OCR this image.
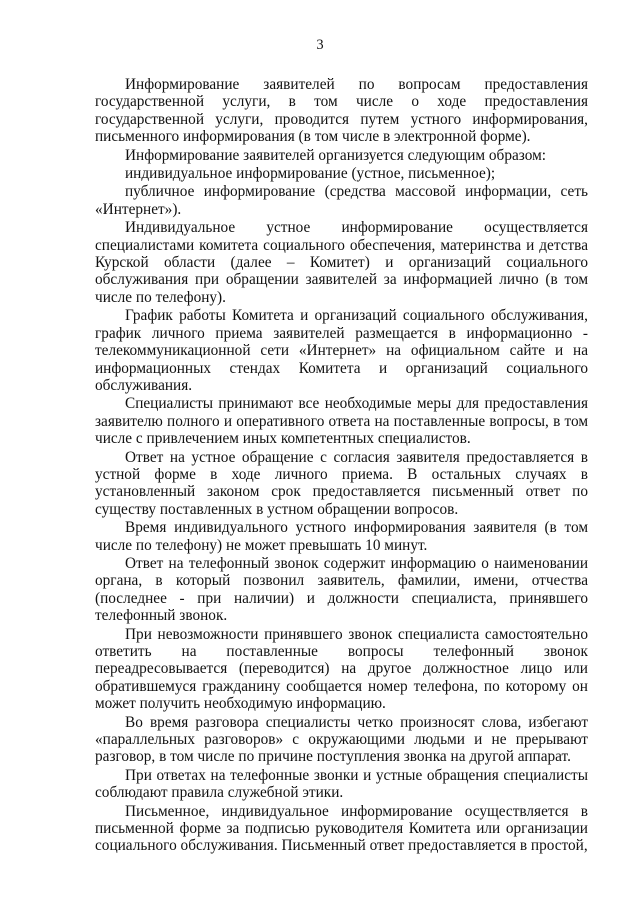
3

Информирование заявителей по вопросам предоставления государственной услуги, в том числе о ходе предоставления государственной услуги, проводится путем устного информирования, письменного информирования (в том числе в электронной форме).

Информирование заявителей организуется следующим образом:

индивидуальное информирование (устное, письменное);

публичное информирование (средства массовой информации, сеть «Интернет»).

Индивидуальное устное информирование осуществляется специалистами комитета социального обеспечения, материнства и детства Курской области (далее – Комитет) и организаций социального обслуживания при обращении заявителей за информацией лично (в том числе по телефону).

График работы Комитета и организаций социального обслуживания, график личного приема заявителей размещается в информационно - телекоммуникационной сети «Интернет» на официальном сайте и на информационных стендах Комитета и организаций социального обслуживания.

Специалисты принимают все необходимые меры для предоставления заявителю полного и оперативного ответа на поставленные вопросы, в том числе с привлечением иных компетентных специалистов.

Ответ на устное обращение с согласия заявителя предоставляется в устной форме в ходе личного приема. В остальных случаях в установленный законом срок предоставляется письменный ответ по существу поставленных в устном обращении вопросов.

Время индивидуального устного информирования заявителя (в том числе по телефону) не может превышать 10 минут.

Ответ на телефонный звонок содержит информацию о наименовании органа, в который позвонил заявитель, фамилии, имени, отчества (последнее - при наличии) и должности специалиста, принявшего телефонный звонок.

При невозможности принявшего звонок специалиста самостоятельно ответить на поставленные вопросы телефонный звонок переадресовывается (переводится) на другое должностное лицо или обратившемуся гражданину сообщается номер телефона, по которому он может получить необходимую информацию.

Во время разговора специалисты четко произносят слова, избегают «параллельных разговоров» с окружающими людьми и не прерывают разговор, в том числе по причине поступления звонка на другой аппарат.

При ответах на телефонные звонки и устные обращения специалисты соблюдают правила служебной этики.

Письменное, индивидуальное информирование осуществляется в письменной форме за подписью руководителя Комитета или организации социального обслуживания. Письменный ответ предоставляется в простой,
